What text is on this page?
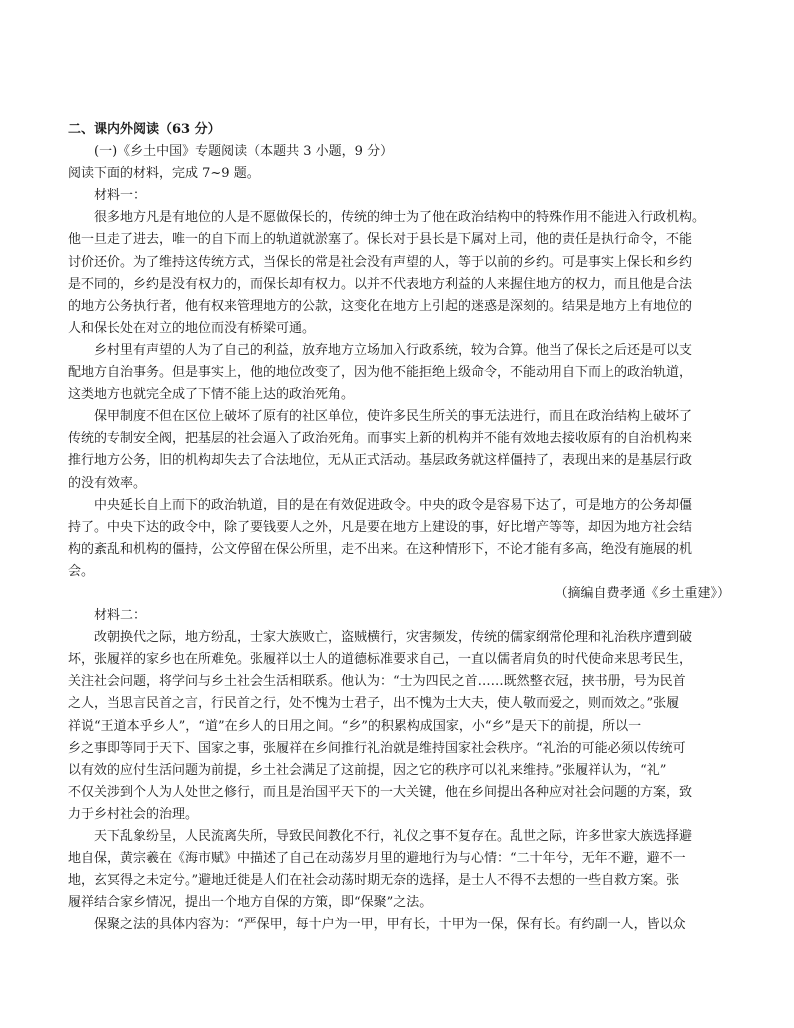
二、课内外阅读（63 分）
(一)《乡土中国》专题阅读（本题共 3 小题，9 分）
阅读下面的材料，完成 7~9 题。
材料一：
很多地方凡是有地位的人是不愿做保长的，传统的绅士为了他在政治结构中的特殊作用不能进入行政机构。
他一旦走了进去，唯一的自下而上的轨道就淤塞了。保长对于县长是下属对上司，他的责任是执行命令，不能
讨价还价。为了维持这传统方式，当保长的常是社会没有声望的人，等于以前的乡约。可是事实上保长和乡约
是不同的，乡约是没有权力的，而保长却有权力。以并不代表地方利益的人来握住地方的权力，而且他是合法
的地方公务执行者，他有权来管理地方的公款，这变化在地方上引起的迷惑是深刻的。结果是地方上有地位的
人和保长处在对立的地位而没有桥梁可通。
乡村里有声望的人为了自己的利益，放弃地方立场加入行政系统，较为合算。他当了保长之后还是可以支
配地方自治事务。但是事实上，他的地位改变了，因为他不能拒绝上级命令，不能动用自下而上的政治轨道，
这类地方也就完全成了下情不能上达的政治死角。
保甲制度不但在区位上破坏了原有的社区单位，使许多民生所关的事无法进行，而且在政治结构上破坏了
传统的专制安全阀，把基层的社会逼入了政治死角。而事实上新的机构并不能有效地去接收原有的自治机构来
推行地方公务，旧的机构却失去了合法地位，无从正式活动。基层政务就这样僵持了，表现出来的是基层行政
的没有效率。
中央延长自上而下的政治轨道，目的是在有效促进政令。中央的政令是容易下达了，可是地方的公务却僵
持了。中央下达的政令中，除了要钱要人之外，凡是要在地方上建设的事，好比增产等等，却因为地方社会结
构的紊乱和机构的僵持，公文停留在保公所里，走不出来。在这种情形下，不论才能有多高，绝没有施展的机
会。
（摘编自费孝通《乡土重建》）
材料二：
改朝换代之际，地方纷乱，士家大族败亡，盗贼横行，灾害频发，传统的儒家纲常伦理和礼治秩序遭到破
坏，张履祥的家乡也在所难免。张履祥以士人的道德标准要求自己，一直以儒者肩负的时代使命来思考民生，
关注社会问题，将学问与乡土社会生活相联系。他认为：“士为四民之首……既然整衣冠，挟书册，号为民首
之人，当思言民首之言，行民首之行，处不愧为士君子，出不愧为士大夫，使人敬而爱之，则而效之。”张履
祥说“王道本乎乡人”，“道”在乡人的日用之间。“乡”的积累构成国家，小“乡”是天下的前提，所以一
乡之事即等同于天下、国家之事，张履祥在乡间推行礼治就是维持国家社会秩序。“礼治的可能必须以传统可
以有效的应付生活问题为前提，乡土社会满足了这前提，因之它的秩序可以礼来维持。”张履祥认为，“礼”
不仅关涉到个人为人处世之修行，而且是治国平天下的一大关键，他在乡间提出各种应对社会问题的方案，致
力于乡村社会的治理。
天下乱象纷呈，人民流离失所，导致民间教化不行，礼仪之事不复存在。乱世之际，许多世家大族选择避
地自保，黄宗羲在《海市赋》中描述了自己在动荡岁月里的避地行为与心情：“二十年兮，无年不避，避不一
地，玄冥得之未定兮。”避地迁徙是人们在社会动荡时期无奈的选择，是士人不得不去想的一些自救方案。张
履祥结合家乡情况，提出一个地方自保的方策，即“保聚”之法。
保聚之法的具体内容为：“严保甲，每十户为一甲，甲有长，十甲为一保，保有长。有约副一人，皆以众
